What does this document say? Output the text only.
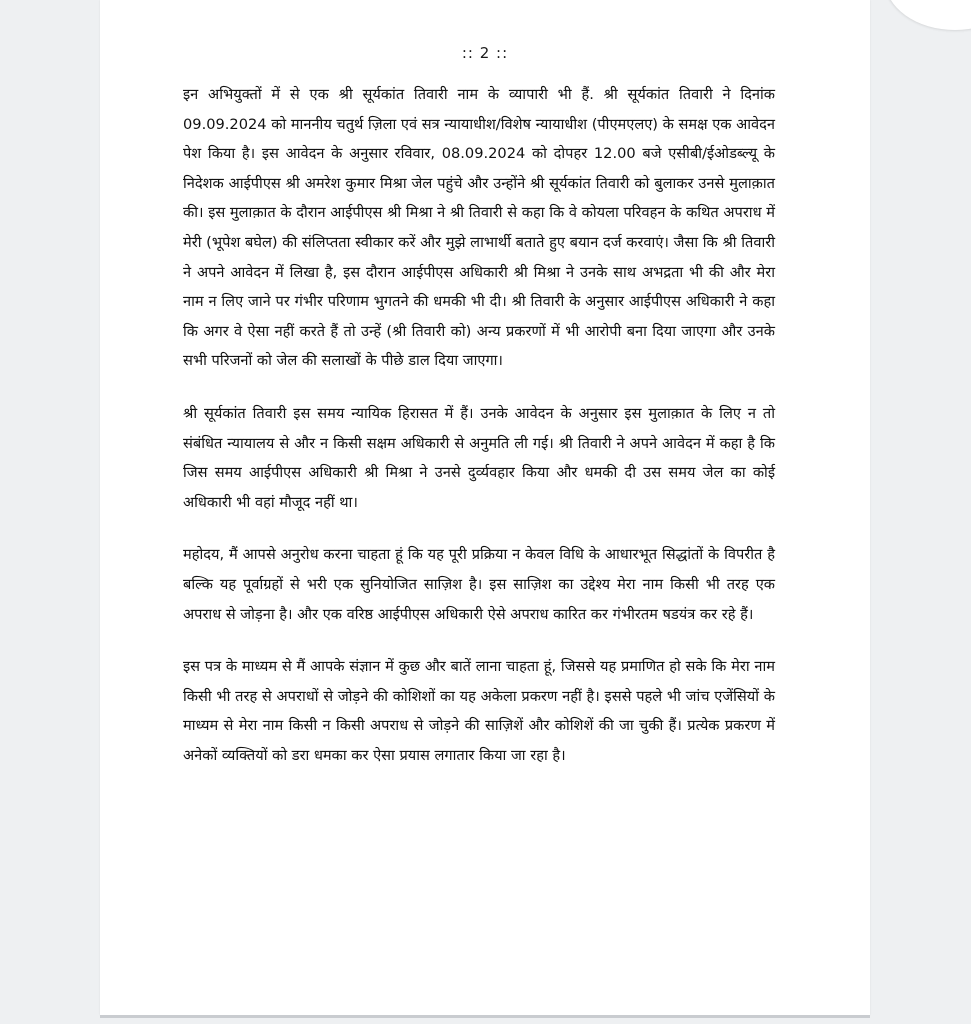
:: 2 ::

इन अभियुक्तों में से एक श्री सूर्यकांत तिवारी नाम के व्यापारी भी हैं. श्री सूर्यकांत तिवारी ने दिनांक 09.09.2024 को माननीय चतुर्थ ज़िला एवं सत्र न्यायाधीश/विशेष न्यायाधीश (पीएमएलए) के समक्ष एक आवेदन पेश किया है। इस आवेदन के अनुसार रविवार, 08.09.2024 को दोपहर 12.00 बजे एसीबी/ईओडब्ल्यू के निदेशक आईपीएस श्री अमरेश कुमार मिश्रा जेल पहुंचे और उन्होंने श्री सूर्यकांत तिवारी को बुलाकर उनसे मुलाक़ात की। इस मुलाक़ात के दौरान आईपीएस श्री मिश्रा ने श्री तिवारी से कहा कि वे कोयला परिवहन के कथित अपराध में मेरी (भूपेश बघेल) की संलिप्तता स्वीकार करें और मुझे लाभार्थी बताते हुए बयान दर्ज करवाएं। जैसा कि श्री तिवारी ने अपने आवेदन में लिखा है, इस दौरान आईपीएस अधिकारी श्री मिश्रा ने उनके साथ अभद्रता भी की और मेरा नाम न लिए जाने पर गंभीर परिणाम भुगतने की धमकी भी दी। श्री तिवारी के अनुसार आईपीएस अधिकारी ने कहा कि अगर वे ऐसा नहीं करते हैं तो उन्हें (श्री तिवारी को) अन्य प्रकरणों में भी आरोपी बना दिया जाएगा और उनके सभी परिजनों को जेल की सलाखों के पीछे डाल दिया जाएगा।

श्री सूर्यकांत तिवारी इस समय न्यायिक हिरासत में हैं। उनके आवेदन के अनुसार इस मुलाक़ात के लिए न तो संबंधित न्यायालय से और न किसी सक्षम अधिकारी से अनुमति ली गई। श्री तिवारी ने अपने आवेदन में कहा है कि जिस समय आईपीएस अधिकारी श्री मिश्रा ने उनसे दुर्व्यवहार किया और धमकी दी उस समय जेल का कोई अधिकारी भी वहां मौजूद नहीं था।

महोदय, मैं आपसे अनुरोध करना चाहता हूं कि यह पूरी प्रक्रिया न केवल विधि के आधारभूत सिद्धांतों के विपरीत है बल्कि यह पूर्वाग्रहों से भरी एक सुनियोजित साज़िश है। इस साज़िश का उद्देश्य मेरा नाम किसी भी तरह एक अपराध से जोड़ना है। और एक वरिष्ठ आईपीएस अधिकारी ऐसे अपराध कारित कर गंभीरतम षडयंत्र कर रहे हैं।

इस पत्र के माध्यम से मैं आपके संज्ञान में कुछ और बातें लाना चाहता हूं, जिससे यह प्रमाणित हो सके कि मेरा नाम किसी भी तरह से अपराधों से जोड़ने की कोशिशों का यह अकेला प्रकरण नहीं है। इससे पहले भी जांच एजेंसियों के माध्यम से मेरा नाम किसी न किसी अपराध से जोड़ने की साज़िशें और कोशिशें की जा चुकी हैं। प्रत्येक प्रकरण में अनेकों व्यक्तियों को डरा धमका कर ऐसा प्रयास लगातार किया जा रहा है।
